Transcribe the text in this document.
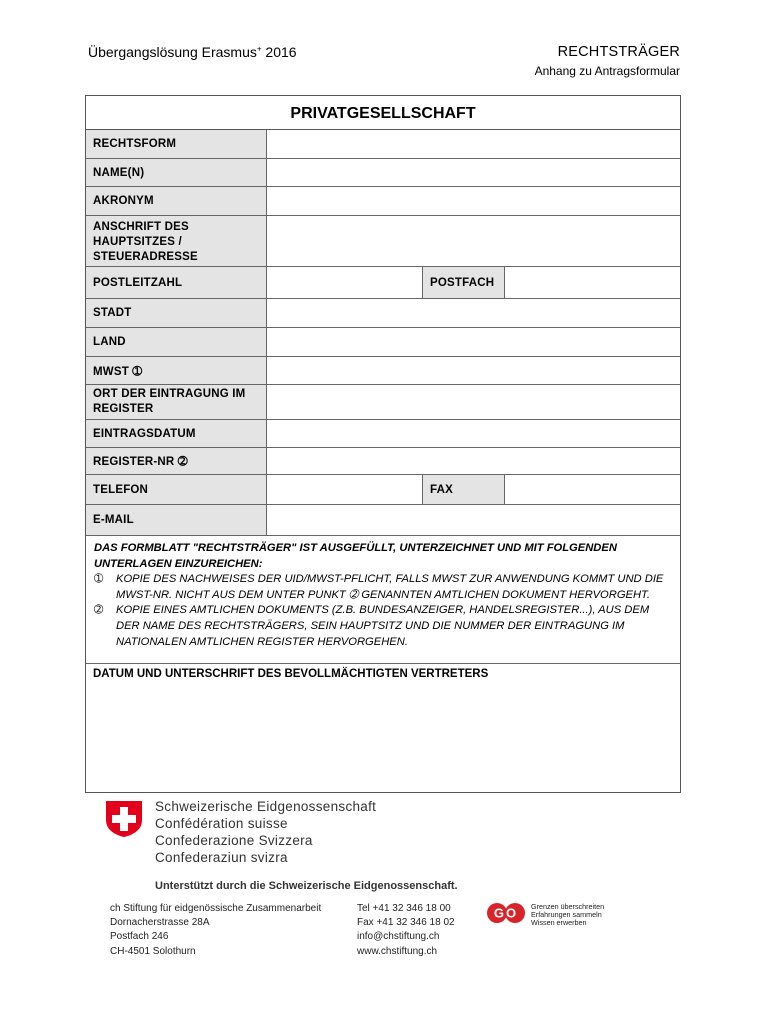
Übergangslösung Erasmus+ 2016	RECHTSTRÄGER
Anhang zu Antragsformular
PRIVATGESELLSCHAFT
RECHTSFORM
NAME(N)
AKRONYM
ANSCHRIFT DES HAUPTSITZES / STEUERADRESSE
POSTLEITZAHL	POSTFACH
STADT
LAND
MWST ➀
ORT DER EINTRAGUNG IM REGISTER
EINTRAGSDATUM
REGISTER-NR ➁
TELEFON	FAX
E-MAIL
DAS FORMBLATT "RECHTSTRÄGER" IST AUSGEFÜLLT, UNTERZEICHNET UND MIT FOLGENDEN UNTERLAGEN EINZUREICHEN:
➀	KOPIE DES NACHWEISES DER UID/MWST-PFLICHT, FALLS MWST ZUR ANWENDUNG KOMMT UND DIE MWST-NR. NICHT AUS DEM UNTER PUNKT ➁ GENANNTEN AMTLICHEN DOKUMENT HERVORGEHT.
➁	KOPIE EINES AMTLICHEN DOKUMENTS (Z.B. BUNDESANZEIGER, HANDELSREGISTER...), AUS DEM DER NAME DES RECHTSTRÄGERS, SEIN HAUPTSITZ UND DIE NUMMER DER EINTRAGUNG IM NATIONALEN AMTLICHEN REGISTER HERVORGEHEN.
DATUM UND UNTERSCHRIFT DES BEVOLLMÄCHTIGTEN VERTRETERS
Schweizerische Eidgenossenschaft
Confédération suisse
Confederazione Svizzera
Confederaziun svizra
Unterstützt durch die Schweizerische Eidgenossenschaft.
ch Stiftung für eidgenössische Zusammenarbeit
Dornacherstrasse 28A
Postfach 246
CH-4501 Solothurn
Tel +41 32 346 18 00
Fax +41 32 346 18 02
info@chstiftung.ch
www.chstiftung.ch
GO Grenzen überschreiten
Erfahrungen sammeln
Wissen erwerben
